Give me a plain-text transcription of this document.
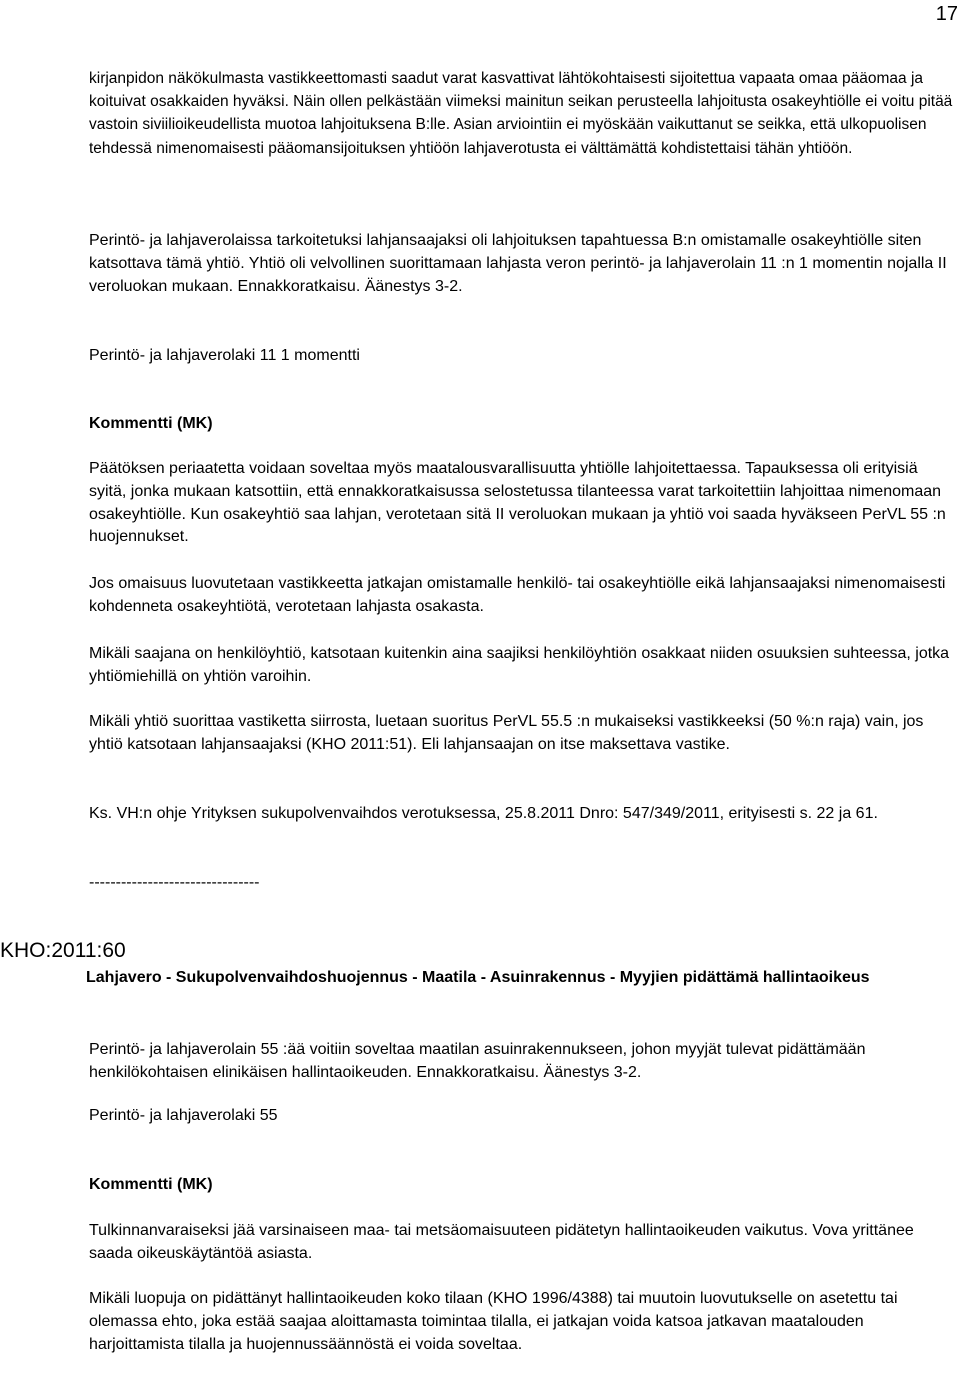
17

kirjanpidon näkökulmasta vastikkeettomasti saadut varat kasvattivat lähtökohtaisesti sijoitettua vapaata omaa pääomaa ja koituivat osakkaiden hyväksi. Näin ollen pelkästään viimeksi mainitun seikan perusteella lahjoitusta osakeyhtiölle ei voitu pitää vastoin siviilioikeudellista muotoa lahjoituksena B:lle. Asian arviointiin ei myöskään vaikuttanut se seikka, että ulkopuolisen tehdessä nimenomaisesti pääomansijoituksen yhtiöön lahjaverotusta ei välttämättä kohdistettaisi tähän yhtiöön.

Perintö- ja lahjaverolaissa tarkoitetuksi lahjansaajaksi oli lahjoituksen tapahtuessa B:n omistamalle osakeyhtiölle siten katsottava tämä yhtiö. Yhtiö oli velvollinen suorittamaan lahjasta veron perintö- ja lahjaverolain 11 :n 1 momentin nojalla II veroluokan mukaan. Ennakkoratkaisu. Äänestys 3-2.

Perintö- ja lahjaverolaki 11 1 momentti

Kommentti (MK)

Päätöksen periaatetta voidaan soveltaa myös maatalousvarallisuutta yhtiölle lahjoitettaessa. Tapauksessa oli erityisiä syitä, jonka mukaan katsottiin, että ennakkoratkaisussa selostetussa tilanteessa varat tarkoitettiin lahjoittaa nimenomaan osakeyhtiölle. Kun osakeyhtiö saa lahjan, verotetaan sitä II veroluokan mukaan ja yhtiö voi saada hyväkseen PerVL 55 :n huojennukset.

Jos omaisuus luovutetaan vastikkeetta jatkajan omistamalle henkilö- tai osakeyhtiölle eikä lahjansaajaksi nimenomaisesti kohdenneta osakeyhtiötä, verotetaan lahjasta osakasta.

Mikäli saajana on henkilöyhtiö, katsotaan kuitenkin aina saajiksi henkilöyhtiön osakkaat niiden osuuksien suhteessa, jotka yhtiömiehillä on yhtiön varoihin.

Mikäli yhtiö suorittaa vastiketta siirrosta, luetaan suoritus PerVL 55.5 :n mukaiseksi vastikkeeksi (50 %:n raja) vain, jos yhtiö katsotaan lahjansaajaksi (KHO 2011:51). Eli lahjansaajan on itse maksettava vastike.

Ks. VH:n ohje Yrityksen sukupolvenvaihdos verotuksessa, 25.8.2011 Dnro: 547/349/2011, erityisesti s. 22 ja 61.

--------------------------------

KHO:2011:60
Lahjavero - Sukupolvenvaihdoshuojennus - Maatila - Asuinrakennus - Myyjien pidättämä hallintaoikeus

Perintö- ja lahjaverolain 55 :ää voitiin soveltaa maatilan asuinrakennukseen, johon myyjät tulevat pidättämään henkilökohtaisen elinikäisen hallintaoikeuden. Ennakkoratkaisu. Äänestys 3-2.

Perintö- ja lahjaverolaki 55

Kommentti (MK)

Tulkinnanvaraiseksi jää varsinaiseen maa- tai metsäomaisuuteen pidätetyn hallintaoikeuden vaikutus. Vova yrittänee saada oikeuskäytäntöä asiasta.

Mikäli luopuja on pidättänyt hallintaoikeuden koko tilaan (KHO 1996/4388) tai muutoin luovutukselle on asetettu tai olemassa ehto, joka estää saajaa aloittamasta toimintaa tilalla, ei jatkajan voida katsoa jatkavan maatalouden harjoittamista tilalla ja huojennussäännöstä ei voida soveltaa.
